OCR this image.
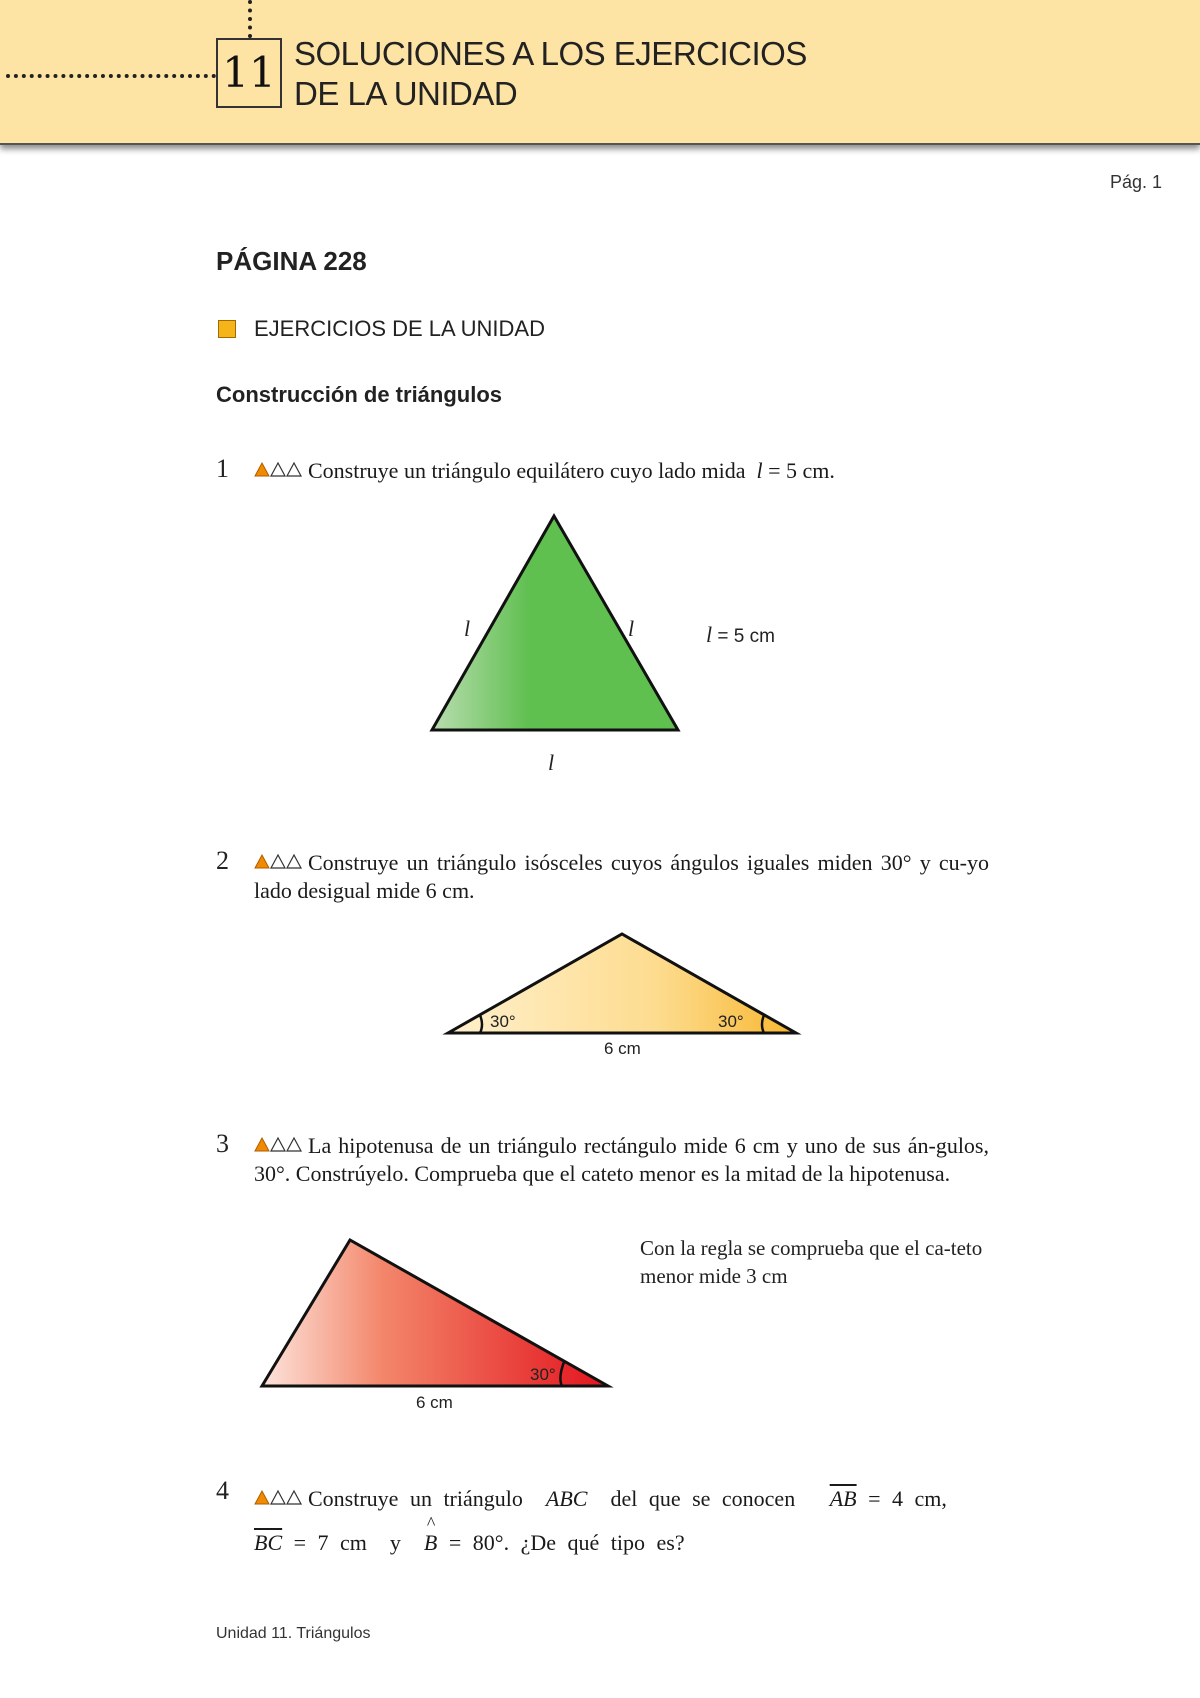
11 SOLUCIONES A LOS EJERCICIOS
DE LA UNIDAD
Pág. 1
PÁGINA 228
EJERCICIOS DE LA UNIDAD
Construcción de triángulos
1	Construye un triángulo equilátero cuyo lado mida l = 5 cm.
l	l
l
l = 5 cm
2	Construye un triángulo isósceles cuyos ángulos iguales miden 30° y cu-yo lado desigual mide 6 cm.
30°	30°
6 cm
3	La hipotenusa de un triángulo rectángulo mide 6 cm y uno de sus án-gulos, 30°. Constrúyelo. Comprueba que el cateto menor es la mitad de la hipotenusa.
30°
6 cm
Con la regla se comprueba que el ca-teto menor mide 3 cm
4	Construye un triángulo ABC del que se conocen $\overline{AB} = 4$ cm,
$\overline{BC} = 7$ cm y
^
B = 80°. ¿De qué tipo es?
Unidad 11. Triángulos
